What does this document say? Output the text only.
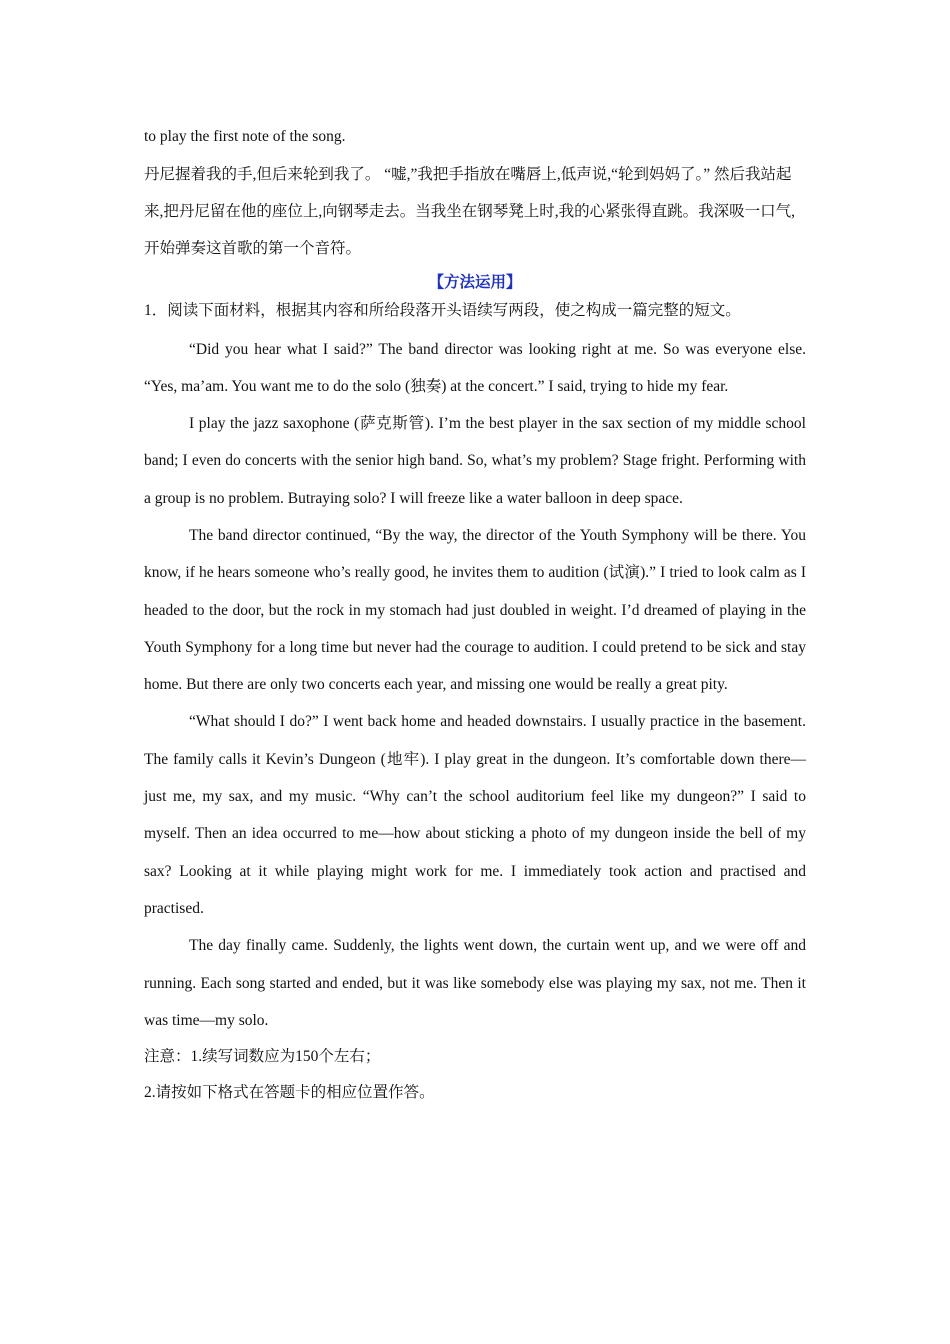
to play the first note of the song.

丹尼握着我的手,但后来轮到我了。 “嘘,”我把手指放在嘴唇上,低声说,“轮到妈妈了。” 然后我站起来,把丹尼留在他的座位上,向钢琴走去。当我坐在钢琴凳上时,我的心紧张得直跳。我深吸一口气,开始弹奏这首歌的第一个音符。

【方法运用】

1．阅读下面材料，根据其内容和所给段落开头语续写两段，使之构成一篇完整的短文。

“Did you hear what I said?” The band director was looking right at me. So was everyone else. “Yes, ma’am. You want me to do the solo (独奏) at the concert.” I said, trying to hide my fear.

I play the jazz saxophone (萨克斯管). I’m the best player in the sax section of my middle school band; I even do concerts with the senior high band. So, what’s my problem? Stage fright. Performing with a group is no problem. Butraying solo? I will freeze like a water balloon in deep space.

The band director continued, “By the way, the director of the Youth Symphony will be there. You know, if he hears someone who’s really good, he invites them to audition (试演).” I tried to look calm as I headed to the door, but the rock in my stomach had just doubled in weight. I’d dreamed of playing in the Youth Symphony for a long time but never had the courage to audition. I could pretend to be sick and stay home. But there are only two concerts each year, and missing one would be really a great pity.

“What should I do?” I went back home and headed downstairs. I usually practice in the basement. The family calls it Kevin’s Dungeon (地牢). I play great in the dungeon. It’s comfortable down there—just me, my sax, and my music. “Why can’t the school auditorium feel like my dungeon?” I said to myself. Then an idea occurred to me—how about sticking a photo of my dungeon inside the bell of my sax? Looking at it while playing might work for me. I immediately took action and practised and practised.

The day finally came. Suddenly, the lights went down, the curtain went up, and we were off and running. Each song started and ended, but it was like somebody else was playing my sax, not me. Then it was time—my solo.

注意：1.续写词数应为150个左右；

2.请按如下格式在答题卡的相应位置作答。
